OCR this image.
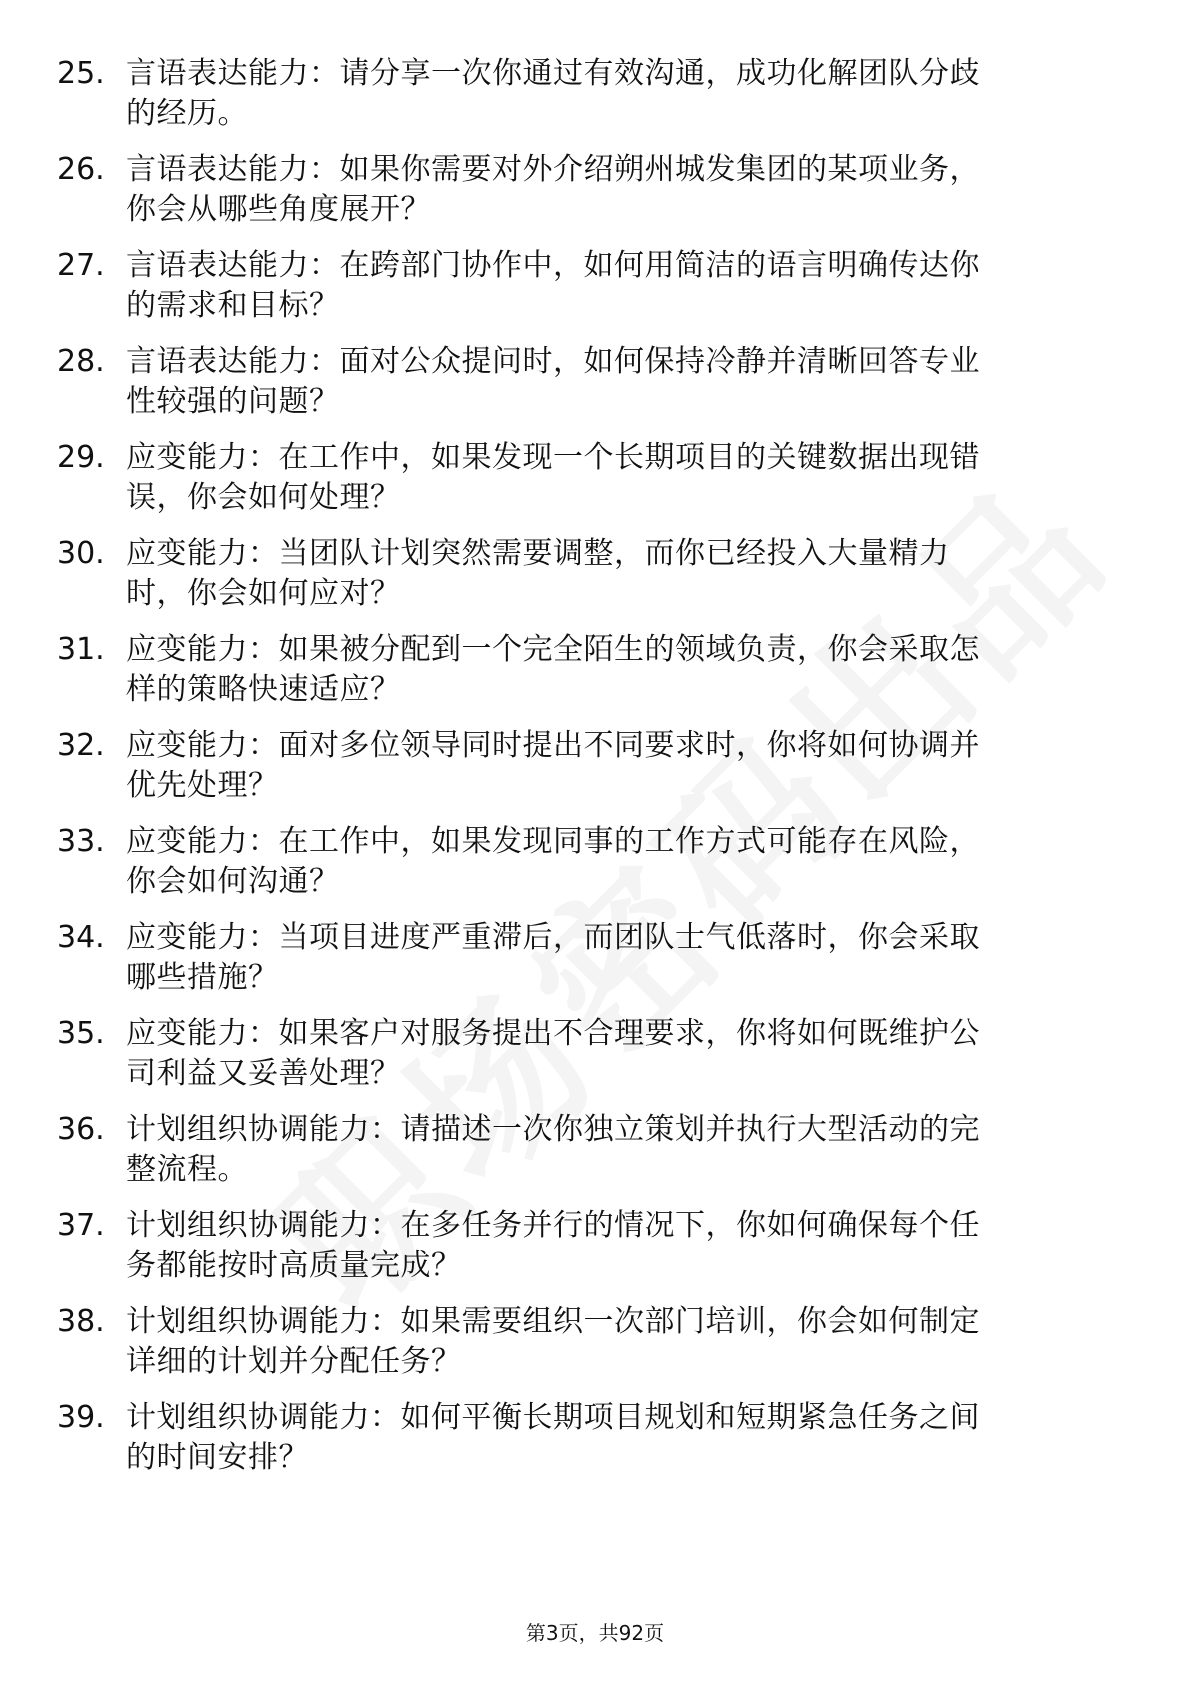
25. 言语表达能力：请分享一次你通过有效沟通，成功化解团队分歧
的经历。
26. 言语表达能力：如果你需要对外介绍朔州城发集团的某项业务，
你会从哪些角度展开？
27. 言语表达能力：在跨部门协作中，如何用简洁的语言明确传达你
的需求和目标？
28. 言语表达能力：面对公众提问时，如何保持冷静并清晰回答专业
性较强的问题？
29. 应变能力：在工作中，如果发现一个长期项目的关键数据出现错
误，你会如何处理？
30. 应变能力：当团队计划突然需要调整，而你已经投入大量精力
时，你会如何应对？
31. 应变能力：如果被分配到一个完全陌生的领域负责，你会采取怎
样的策略快速适应？
32. 应变能力：面对多位领导同时提出不同要求时，你将如何协调并
优先处理？
33. 应变能力：在工作中，如果发现同事的工作方式可能存在风险，
你会如何沟通？
34. 应变能力：当项目进度严重滞后，而团队士气低落时，你会采取
哪些措施？
35. 应变能力：如果客户对服务提出不合理要求，你将如何既维护公
司利益又妥善处理？
36. 计划组织协调能力：请描述一次你独立策划并执行大型活动的完
整流程。
37. 计划组织协调能力：在多任务并行的情况下，你如何确保每个任
务都能按时高质量完成？
38. 计划组织协调能力：如果需要组织一次部门培训，你会如何制定
详细的计划并分配任务？
39. 计划组织协调能力：如何平衡长期项目规划和短期紧急任务之间
的时间安排？
第3页，共92页
